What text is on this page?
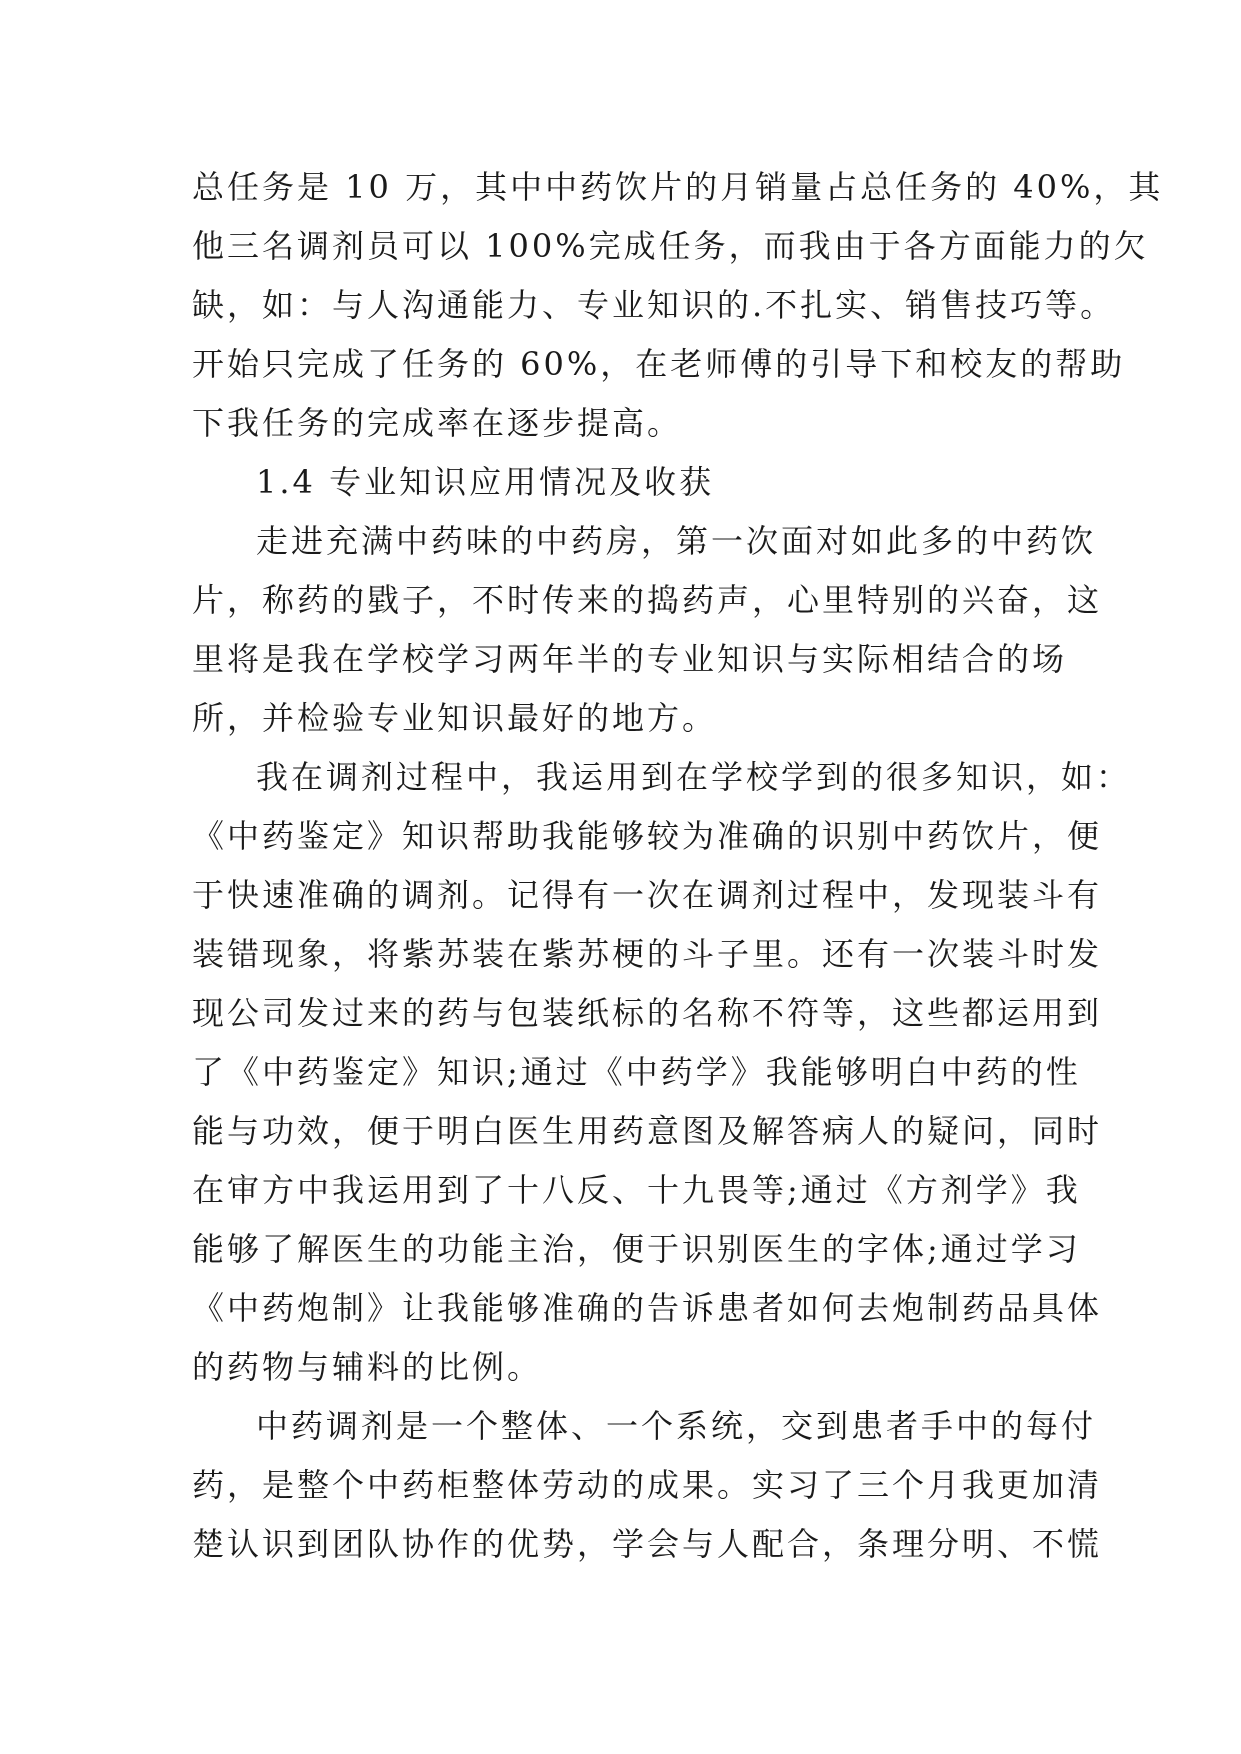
总任务是 10 万，其中中药饮片的月销量占总任务的 40%，其
他三名调剂员可以 100%完成任务，而我由于各方面能力的欠
缺，如：与人沟通能力、专业知识的.不扎实、销售技巧等。
开始只完成了任务的 60%，在老师傅的引导下和校友的帮助
下我任务的完成率在逐步提高。
1.4 专业知识应用情况及收获
走进充满中药味的中药房，第一次面对如此多的中药饮
片，称药的戥子，不时传来的捣药声，心里特别的兴奋，这
里将是我在学校学习两年半的专业知识与实际相结合的场
所，并检验专业知识最好的地方。
我在调剂过程中，我运用到在学校学到的很多知识，如：
《中药鉴定》知识帮助我能够较为准确的识别中药饮片，便
于快速准确的调剂。记得有一次在调剂过程中，发现装斗有
装错现象，将紫苏装在紫苏梗的斗子里。还有一次装斗时发
现公司发过来的药与包装纸标的名称不符等，这些都运用到
了《中药鉴定》知识;通过《中药学》我能够明白中药的性
能与功效，便于明白医生用药意图及解答病人的疑问，同时
在审方中我运用到了十八反、十九畏等;通过《方剂学》我
能够了解医生的功能主治，便于识别医生的字体;通过学习
《中药炮制》让我能够准确的告诉患者如何去炮制药品具体
的药物与辅料的比例。
中药调剂是一个整体、一个系统，交到患者手中的每付
药，是整个中药柜整体劳动的成果。实习了三个月我更加清
楚认识到团队协作的优势，学会与人配合，条理分明、不慌
